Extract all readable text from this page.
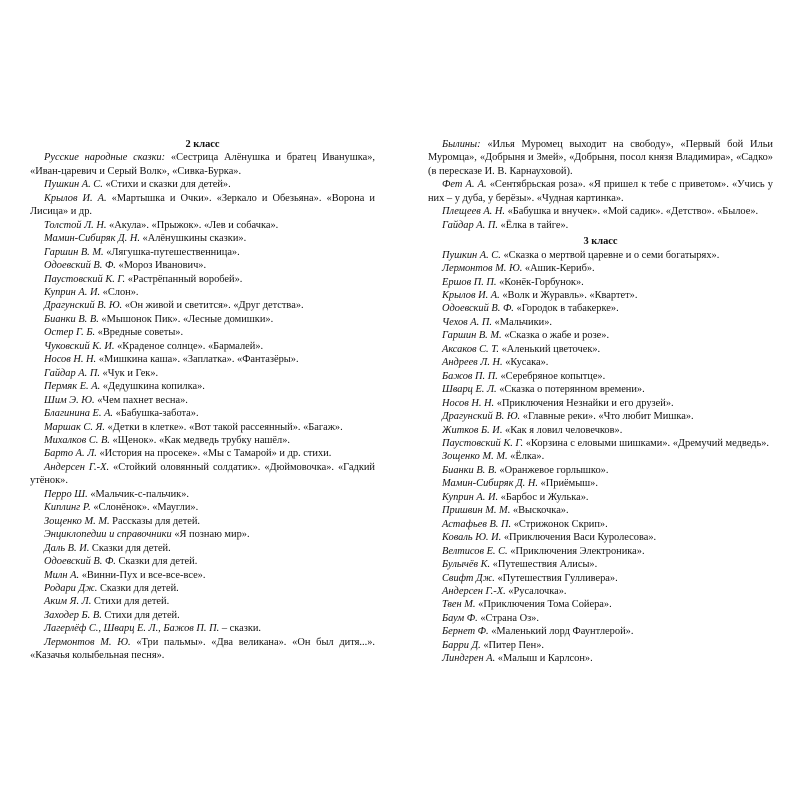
2 класс
Русские народные сказки: «Сестрица Алёнушка и братец Иванушка», «Иван-царевич и Серый Волк», «Сивка-Бурка».
Пушкин А. С. «Стихи и сказки для детей».
Крылов И. А. «Мартышка и Очки». «Зеркало и Обезьяна». «Ворона и Лисица» и др.
Толстой Л. Н. «Акула». «Прыжок». «Лев и собачка».
Мамин-Сибиряк Д. Н. «Алёнушкины сказки».
Гаршин В. М. «Лягушка-путешественница».
Одоевский В. Ф. «Мороз Иванович».
Паустовский К. Г. «Растрёпанный воробей».
Куприн А. И. «Слон».
Драгунский В. Ю. «Он живой и светится». «Друг детства».
Бианки В. В. «Мышонок Пик». «Лесные домишки».
Остер Г. Б. «Вредные советы».
Чуковский К. И. «Краденое солнце». «Бармалей».
Носов Н. Н. «Мишкина каша». «Заплатка». «Фантазёры».
Гайдар А. П. «Чук и Гек».
Пермяк Е. А. «Дедушкина копилка».
Шим Э. Ю. «Чем пахнет весна».
Благинина Е. А. «Бабушка-забота».
Маршак С. Я. «Детки в клетке». «Вот такой рассеянный». «Багаж».
Михалков С. В. «Щенок». «Как медведь трубку нашёл».
Барто А. Л. «История на просеке». «Мы с Тамарой» и др. стихи.
Андерсен Г.-Х. «Стойкий оловянный солдатик». «Дюймовочка». «Гадкий утёнок».
Перро Ш. «Мальчик-с-пальчик».
Киплинг Р. «Слонёнок». «Маугли».
Зощенко М. М. Рассказы для детей.
Энциклопедии и справочники «Я познаю мир».
Даль В. И. Сказки для детей.
Одоевский В. Ф. Сказки для детей.
Милн А. «Винни-Пух и все-все-все».
Родари Дж. Сказки для детей.
Аким Я. Л. Стихи для детей.
Заходер Б. В. Стихи для детей.
Лагерлёф С., Шварц Е. Л., Бажов П. П. – сказки.
Лермонтов М. Ю. «Три пальмы». «Два великана». «Он был дитя...». «Казачья колыбельная песня».
Былины: «Илья Муромец выходит на свободу», «Первый бой Ильи Муромца», «Добрыня и Змей», «Добрыня, посол князя Владимира», «Садко» (в пересказе И. В. Карнауховой).
Фет А. А. «Сентябрьская роза». «Я пришел к тебе с приветом». «Учись у них – у дуба, у берёзы». «Чудная картинка».
Плещеев А. Н. «Бабушка и внучек». «Мой садик». «Детство». «Былое».
Гайдар А. П. «Ёлка в тайге».
3 класс
Пушкин А. С. «Сказка о мертвой царевне и о семи богатырях».
Лермонтов М. Ю. «Ашик-Кериб».
Ершов П. П. «Конёк-Горбунок».
Крылов И. А. «Волк и Журавль». «Квартет».
Одоевский В. Ф. «Городок в табакерке».
Чехов А. П. «Мальчики».
Гаршин В. М. «Сказка о жабе и розе».
Аксаков С. Т. «Аленький цветочек».
Андреев Л. Н. «Кусака».
Бажов П. П. «Серебряное копытце».
Шварц Е. Л. «Сказка о потерянном времени».
Носов Н. Н. «Приключения Незнайки и его друзей».
Драгунский В. Ю. «Главные реки». «Что любит Мишка».
Житков Б. И. «Как я ловил человечков».
Паустовский К. Г. «Корзина с еловыми шишками». «Дремучий медведь».
Зощенко М. М. «Ёлка».
Бианки В. В. «Оранжевое горлышко».
Мамин-Сибиряк Д. Н. «Приёмыш».
Куприн А. И. «Барбос и Жулька».
Пришвин М. М. «Выскочка».
Астафьев В. П. «Стрижонок Скрип».
Коваль Ю. И. «Приключения Васи Куролесова».
Велтисов Е. С. «Приключения Электроника».
Булычёв К. «Путешествия Алисы».
Свифт Дж. «Путешествия Гулливера».
Андерсен Г.-Х. «Русалочка».
Твен М. «Приключения Тома Сойера».
Баум Ф. «Страна Оз».
Бернет Ф. «Маленький лорд Фаунтлерой».
Барри Д. «Питер Пен».
Линдгрен А. «Малыш и Карлсон».
